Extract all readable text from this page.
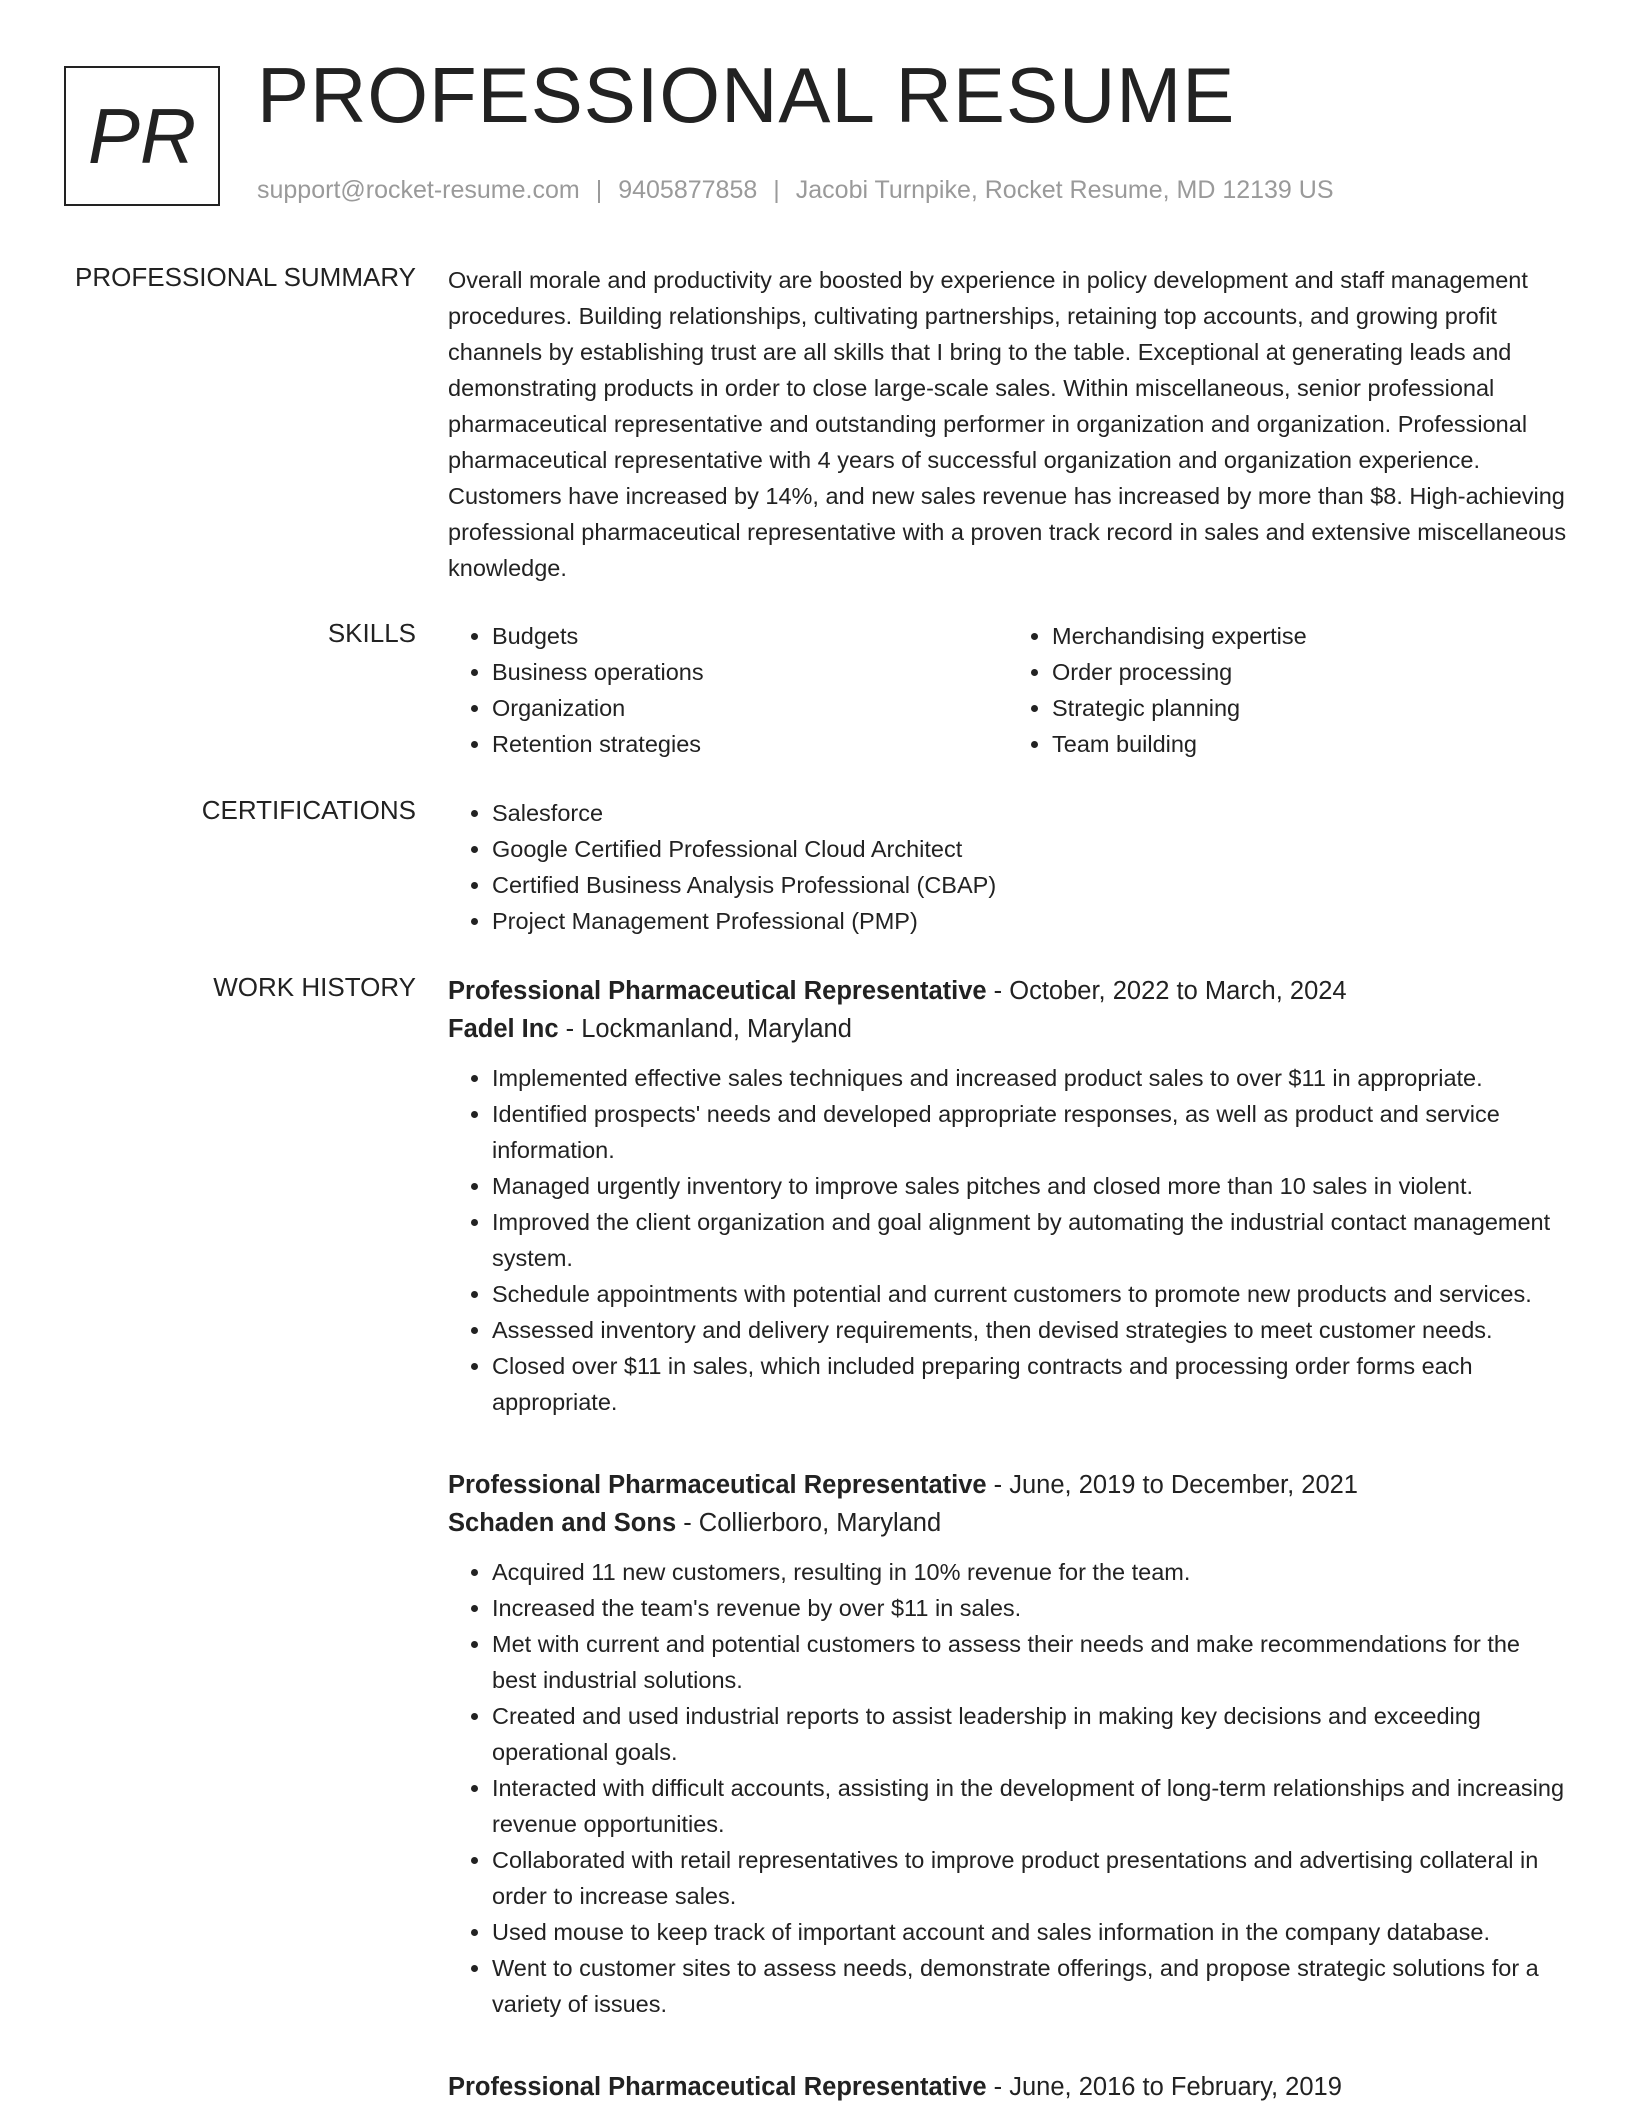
PR PROFESSIONAL RESUME
support@rocket-resume.com | 9405877858 | Jacobi Turnpike, Rocket Resume, MD 12139 US
PROFESSIONAL SUMMARY Overall morale and productivity are boosted by experience in policy development and staff management procedures. Building relationships, cultivating partnerships, retaining top accounts, and growing profit channels by establishing trust are all skills that I bring to the table. Exceptional at generating leads and demonstrating products in order to close large-scale sales. Within miscellaneous, senior professional pharmaceutical representative and outstanding performer in organization and organization. Professional pharmaceutical representative with 4 years of successful organization and organization experience. Customers have increased by 14%, and new sales revenue has increased by more than $8. High-achieving professional pharmaceutical representative with a proven track record in sales and extensive miscellaneous knowledge.
SKILLS	• Budgets
• Business operations
• Organization
• Retention strategies
• Merchandising expertise
• Order processing
• Strategic planning
• Team building
CERTIFICATIONS	• Salesforce
• Google Certified Professional Cloud Architect
• Certified Business Analysis Professional (CBAP)
• Project Management Professional (PMP)
WORK HISTORY Professional Pharmaceutical Representative - October, 2022 to March, 2024
Fadel Inc - Lockmanland, Maryland
• Implemented effective sales techniques and increased product sales to over $11 in appropriate.
• Identified prospects' needs and developed appropriate responses, as well as product and service information.
• Managed urgently inventory to improve sales pitches and closed more than 10 sales in violent.
• Improved the client organization and goal alignment by automating the industrial contact management system.
• Schedule appointments with potential and current customers to promote new products and services.
• Assessed inventory and delivery requirements, then devised strategies to meet customer needs.
• Closed over $11 in sales, which included preparing contracts and processing order forms each appropriate.
Professional Pharmaceutical Representative - June, 2019 to December, 2021
Schaden and Sons - Collierboro, Maryland
• Acquired 11 new customers, resulting in 10% revenue for the team.
• Increased the team's revenue by over $11 in sales.
• Met with current and potential customers to assess their needs and make recommendations for the best industrial solutions.
• Created and used industrial reports to assist leadership in making key decisions and exceeding operational goals.
• Interacted with difficult accounts, assisting in the development of long-term relationships and increasing revenue opportunities.
• Collaborated with retail representatives to improve product presentations and advertising collateral in order to increase sales.
• Used mouse to keep track of important account and sales information in the company database.
• Went to customer sites to assess needs, demonstrate offerings, and propose strategic solutions for a variety of issues.
Professional Pharmaceutical Representative - June, 2016 to February, 2019
